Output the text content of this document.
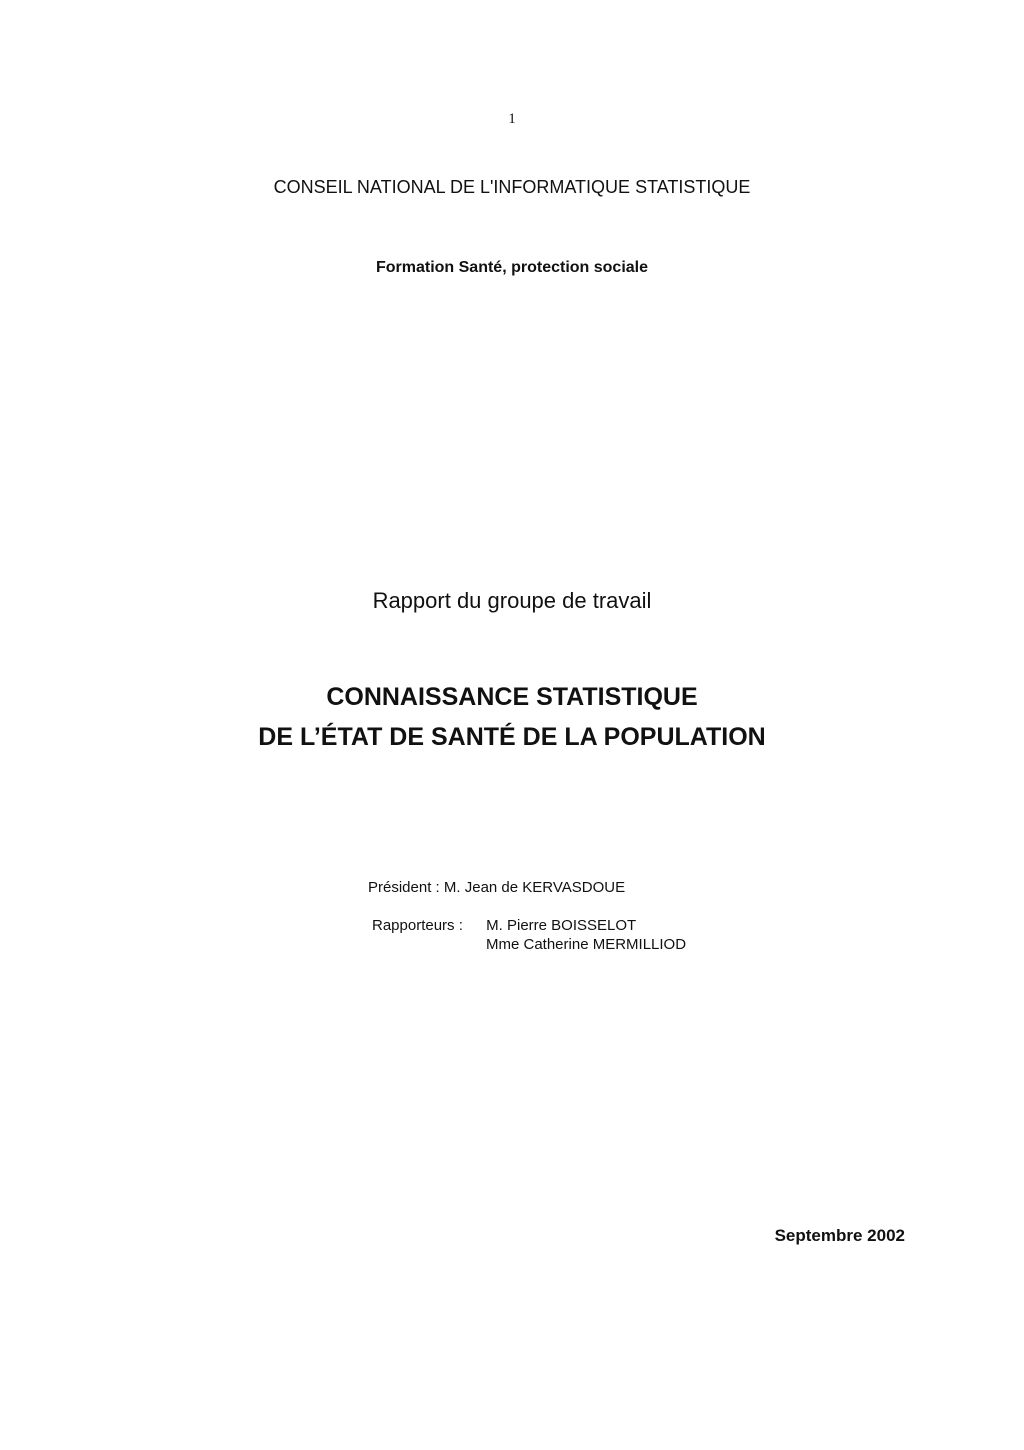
1
CONSEIL NATIONAL DE L'INFORMATIQUE STATISTIQUE
Formation Santé, protection sociale
Rapport du groupe de travail
CONNAISSANCE STATISTIQUE
DE L’ÉTAT DE SANTÉ DE LA POPULATION
Président : M. Jean de KERVASDOUE
Rapporteurs : M. Pierre BOISSELOT
Mme Catherine MERMILLIOD
Septembre 2002
